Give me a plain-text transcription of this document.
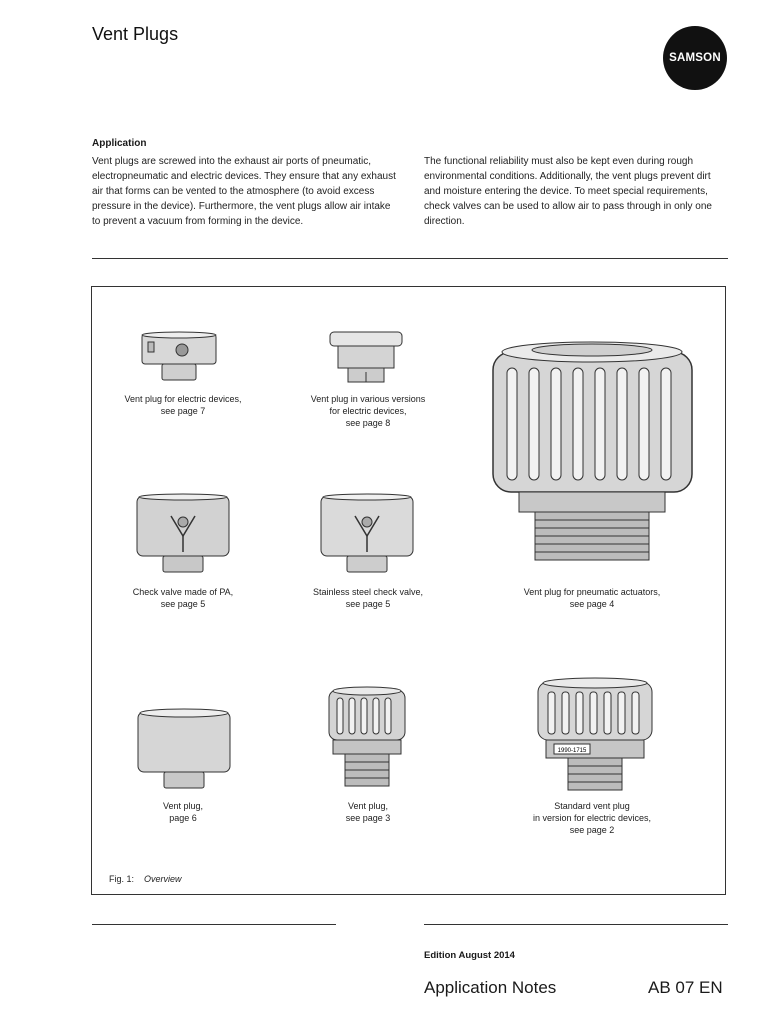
Vent Plugs
SAMSON
Application
Vent plugs are screwed into the exhaust air ports of pneumatic, electropneumatic and electric devices. They ensure that any exhaust air that forms can be vented to the atmosphere (to avoid excess pressure in the device). Furthermore, the vent plugs allow air intake to prevent a vacuum from forming in the device.
The functional reliability must also be kept even during rough environmental conditions. Additionally, the vent plugs prevent dirt and moisture entering the device. To meet special requirements, check valves can be used to allow air to pass through in only one direction.
Vent plug for electric devices,
see page 7
Vent plug in various versions
for electric devices,
see page 8
Vent plug for pneumatic actuators,
see page 4
Check valve made of PA,
see page 5
Stainless steel check valve,
see page 5
Vent plug,
page 6
Vent plug,
see page 3
1990-1715
Standard vent plug
in version for electric devices,
see page 2
Fig. 1: Overview
Edition August 2014
Application Notes	AB 07 EN
